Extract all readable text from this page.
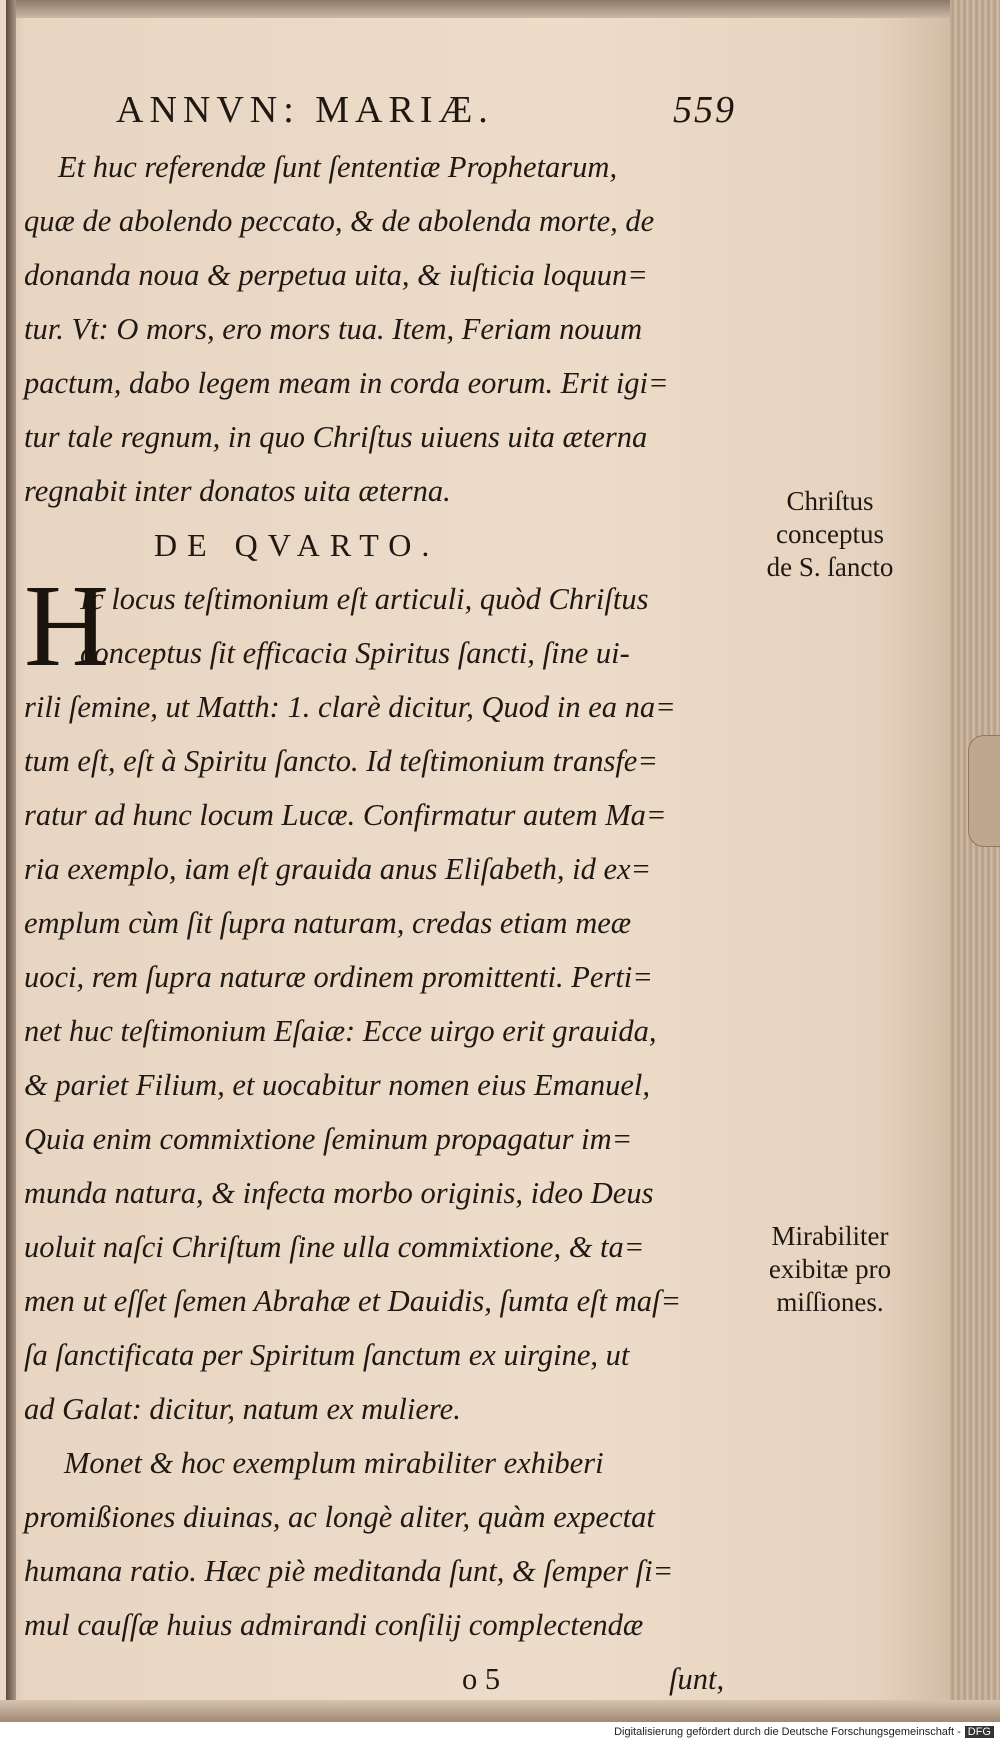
ANNVN: MARIÆ.	559
Et huc referendæ ſunt ſententiæ Prophetarum,
quæ de abolendo peccato, & de abolenda morte, de
donanda noua & perpetua uita, & iuſticia loquun=
tur. Vt: O mors, ero mors tua. Item, Feriam nouum
pactum, dabo legem meam in corda eorum. Erit igi=
tur tale regnum, in quo Chriſtus uiuens uita æterna
regnabit inter donatos uita æterna.
DE QVARTO.
H
Ic locus teſtimonium eſt articuli, quòd Chriſtus
conceptus ſit efficacia Spiritus ſancti, ſine ui-
rili ſemine, ut Matth: 1. clarè dicitur, Quod in ea na=
tum eſt, eſt à Spiritu ſancto. Id teſtimonium transfe=
ratur ad hunc locum Lucæ. Confirmatur autem Ma=
ria exemplo, iam eſt grauida anus Eliſabeth, id ex=
emplum cùm ſit ſupra naturam, credas etiam meæ
uoci, rem ſupra naturæ ordinem promittenti. Perti=
net huc teſtimonium Eſaiæ: Ecce uirgo erit grauida,
& pariet Filium, et uocabitur nomen eius Emanuel,
Quia enim commixtione ſeminum propagatur im=
munda natura, & infecta morbo originis, ideo Deus
uoluit naſci Chriſtum ſine ulla commixtione, & ta=
men ut eſſet ſemen Abrahæ et Dauidis, ſumta eſt maſ=
ſa ſanctificata per Spiritum ſanctum ex uirgine, ut
ad Galat: dicitur, natum ex muliere.
Monet & hoc exemplum mirabiliter exhiberi
promißiones diuinas, ac longè aliter, quàm expectat
humana ratio. Hæc piè meditanda ſunt, & ſemper ſi=
mul cauſſæ huius admirandi conſilij complectendæ
o 5	ſunt,
Chriſtus
conceptus
de S. ſancto
Mirabiliter
exibitæ pro
miſſiones.
Digitalisierung gefördert durch die Deutsche Forschungsgemeinschaft - DFG
